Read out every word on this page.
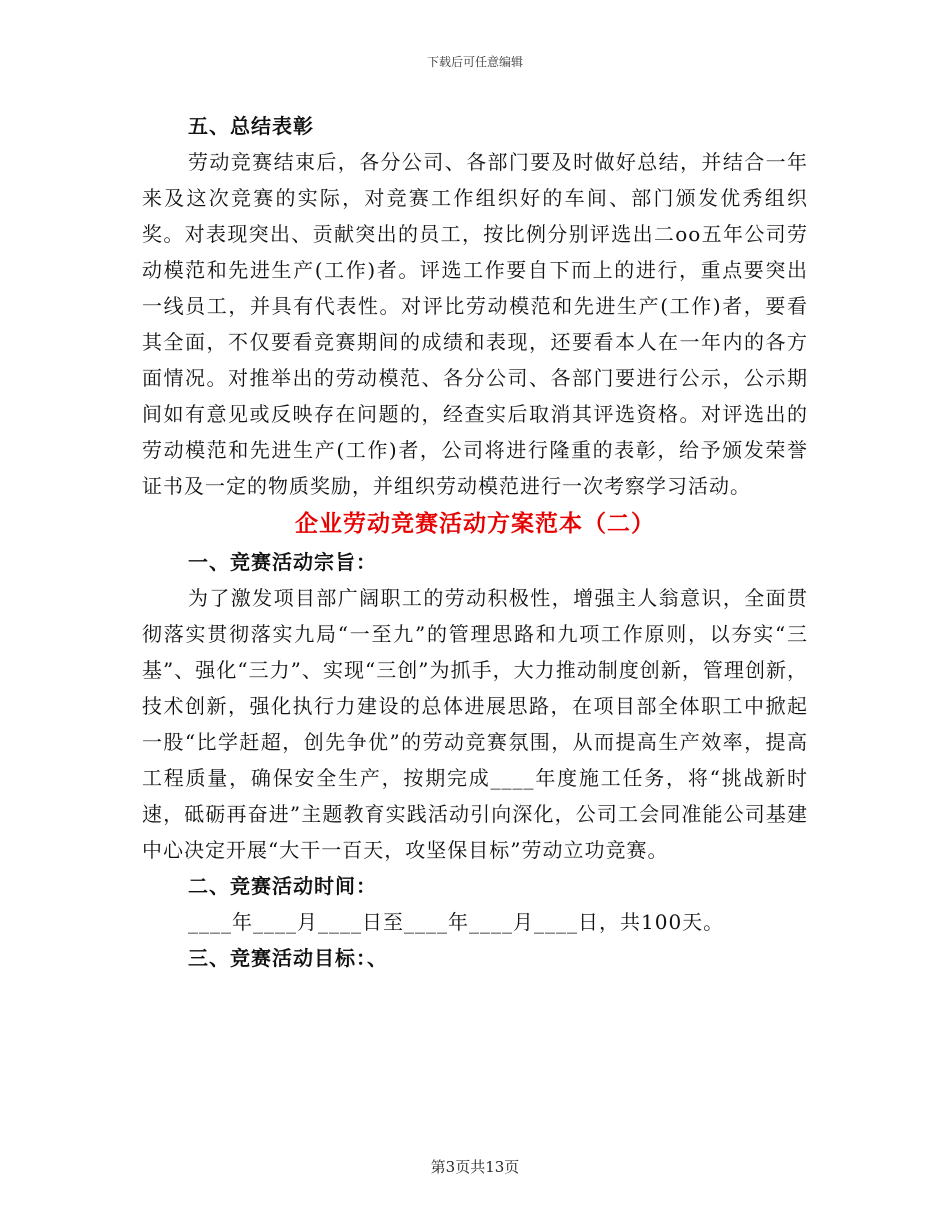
下载后可任意编辑

五、总结表彰

劳动竞赛结束后，各分公司、各部门要及时做好总结，并结合一年来及这次竞赛的实际，对竞赛工作组织好的车间、部门颁发优秀组织奖。对表现突出、贡献突出的员工，按比例分别评选出二oo五年公司劳动模范和先进生产(工作)者。评选工作要自下而上的进行，重点要突出一线员工，并具有代表性。对评比劳动模范和先进生产(工作)者，要看其全面，不仅要看竞赛期间的成绩和表现，还要看本人在一年内的各方面情况。对推举出的劳动模范、各分公司、各部门要进行公示，公示期间如有意见或反映存在问题的，经查实后取消其评选资格。对评选出的劳动模范和先进生产(工作)者，公司将进行隆重的表彰，给予颁发荣誉证书及一定的物质奖励，并组织劳动模范进行一次考察学习活动。

企业劳动竞赛活动方案范本（二）

一、竞赛活动宗旨：

为了激发项目部广阔职工的劳动积极性，增强主人翁意识，全面贯彻落实贯彻落实九局“一至九”的管理思路和九项工作原则，以夯实“三基”、强化“三力”、实现“三创”为抓手，大力推动制度创新，管理创新，技术创新，强化执行力建设的总体进展思路，在项目部全体职工中掀起一股“比学赶超，创先争优”的劳动竞赛氛围，从而提高生产效率，提高工程质量，确保安全生产，按期完成____年度施工任务，将“挑战新时速，砥砺再奋进”主题教育实践活动引向深化，公司工会同准能公司基建中心决定开展“大干一百天，攻坚保目标”劳动立功竞赛。

二、竞赛活动时间：

____年____月____日至____年____月____日，共100天。

三、竞赛活动目标：、

第3页共13页
